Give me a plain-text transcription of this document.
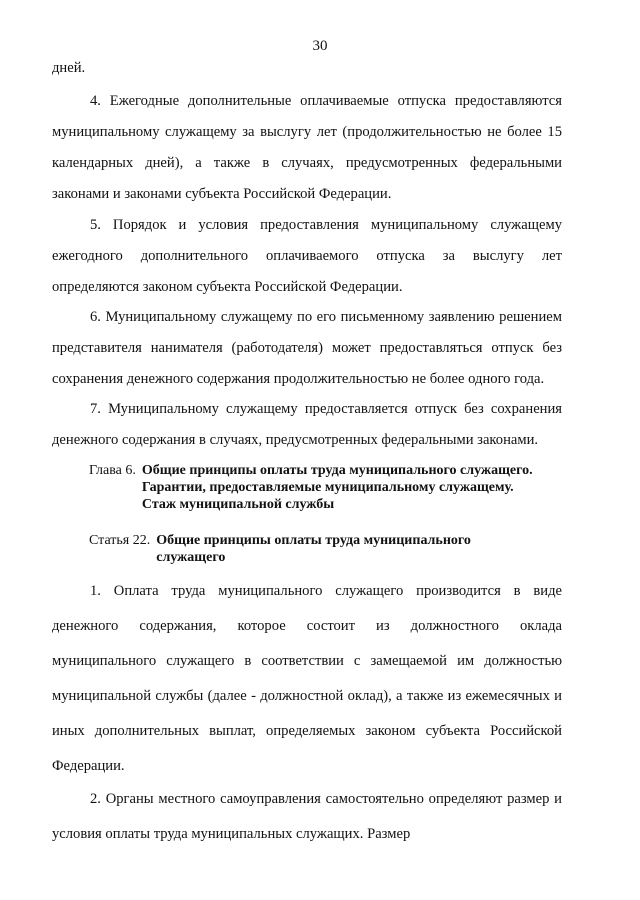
30

дней.

4. Ежегодные дополнительные оплачиваемые отпуска предоставляются муниципальному служащему за выслугу лет (продолжительностью не более 15 календарных дней), а также в случаях, предусмотренных федеральными законами и законами субъекта Российской Федерации.

5. Порядок и условия предоставления муниципальному служащему ежегодного дополнительного оплачиваемого отпуска за выслугу лет определяются законом субъекта Российской Федерации.

6. Муниципальному служащему по его письменному заявлению решением представителя нанимателя (работодателя) может предоставляться отпуск без сохранения денежного содержания продолжительностью не более одного года.

7. Муниципальному служащему предоставляется отпуск без сохранения денежного содержания в случаях, предусмотренных федеральными законами.

Глава 6. Общие принципы оплаты труда муниципального служащего. Гарантии, предоставляемые муниципальному служащему. Стаж муниципальной службы
Статья 22. Общие принципы оплаты труда муниципального служащего

1. Оплата труда муниципального служащего производится в виде денежного содержания, которое состоит из должностного оклада муниципального служащего в соответствии с замещаемой им должностью муниципальной службы (далее - должностной оклад), а также из ежемесячных и иных дополнительных выплат, определяемых законом субъекта Российской Федерации.

2. Органы местного самоуправления самостоятельно определяют размер и условия оплаты труда муниципальных служащих. Размер
